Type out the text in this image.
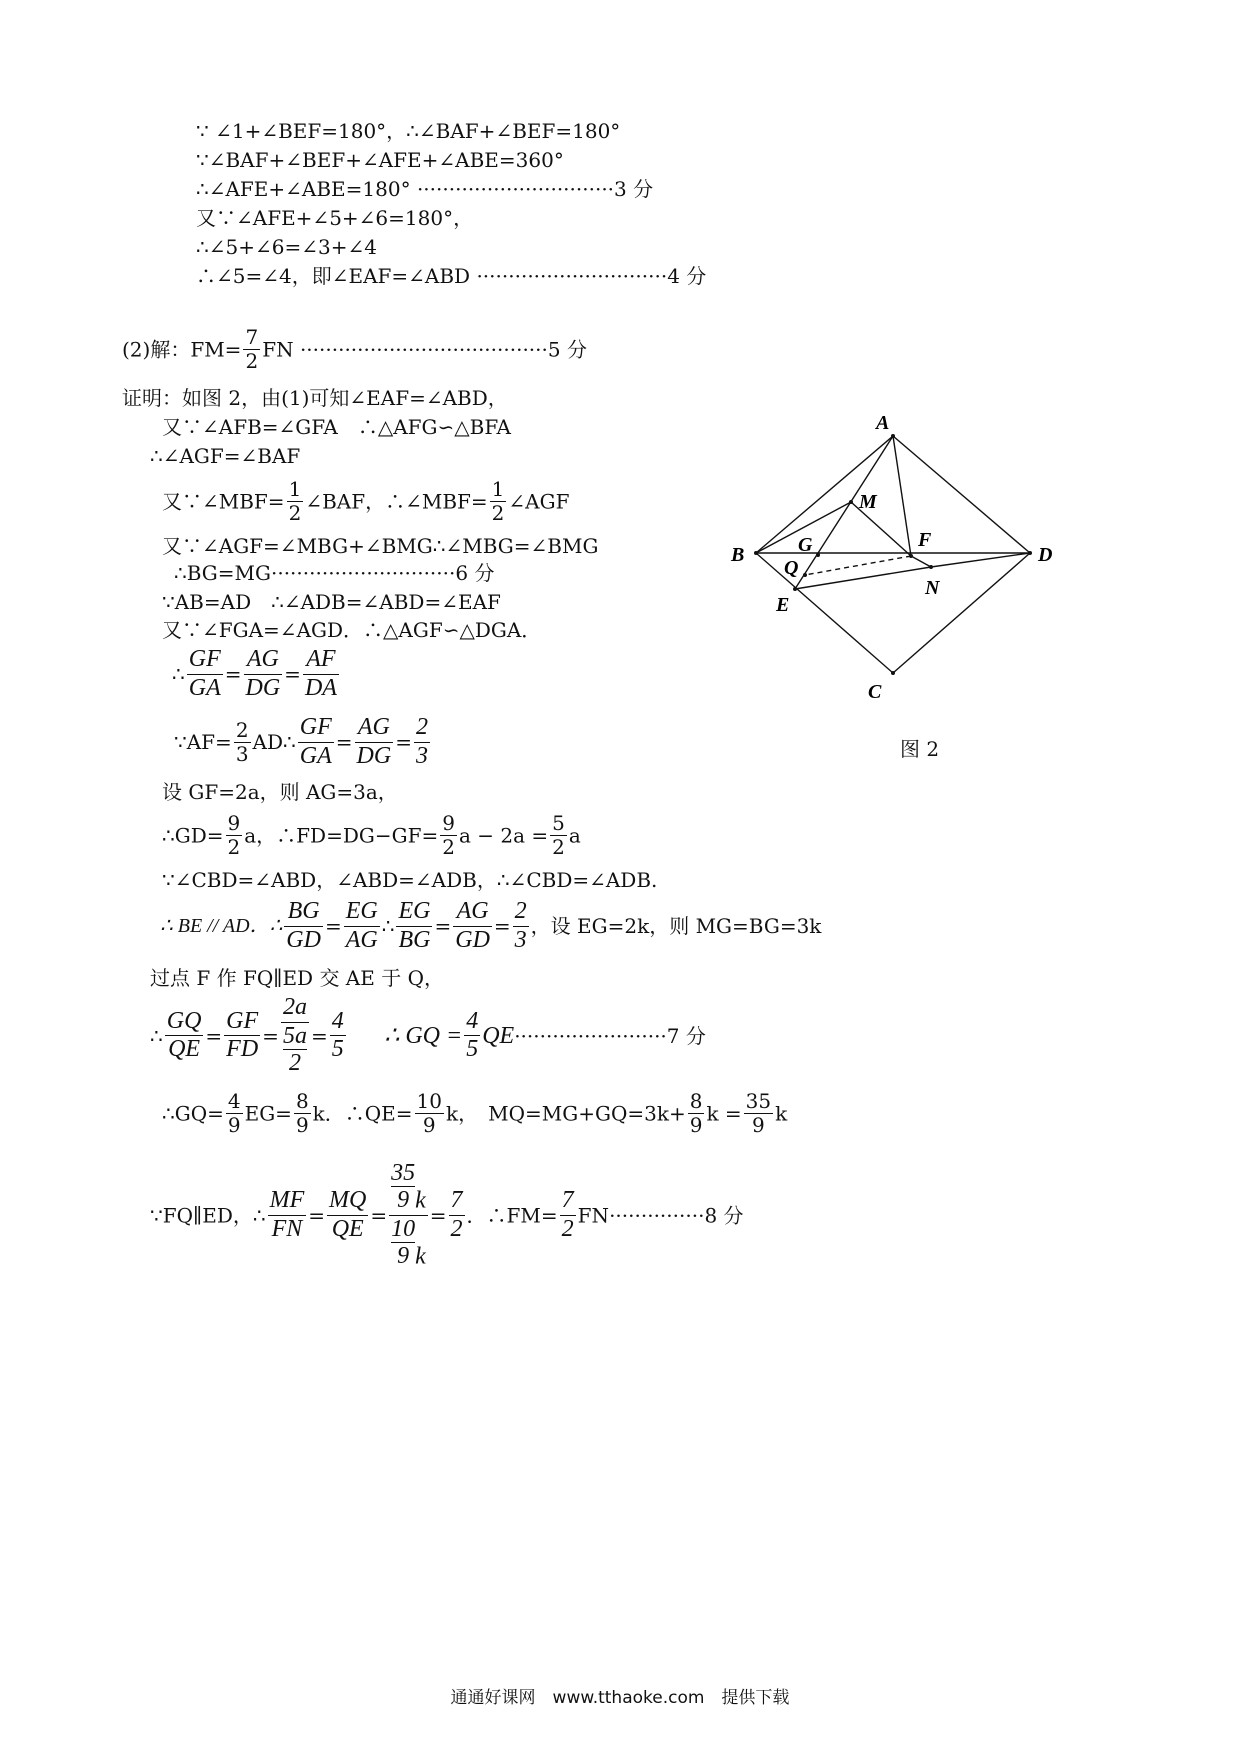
∵ ∠1+∠BEF=180°，∴∠BAF+∠BEF=180°
∵∠BAF+∠BEF+∠AFE+∠ABE=360°
∴∠AFE+∠ABE=180° ·······························3 分
又∵∠AFE+∠5+∠6=180°，
∴∠5+∠6=∠3+∠4
∴∠5=∠4，即∠EAF=∠ABD ······························4 分
(2)解：$FM= \frac{7}{2}$ FN ·······································5 分
证明：如图 2，由(1)可知∠EAF=∠ABD，
又∵∠AFB=∠GFA　∴△AFG∽△BFA
∴∠AGF=∠BAF
又∵∠MBF= $\frac{1}{2}$ ∠BAF，∴∠MBF= $\frac{1}{2}$ ∠AGF
又∵∠AGF=∠MBG+∠BMG∴∠MBG=∠BMG
∴BG=MG·····························6 分
∵AB=AD　∴∠ADB=∠ABD=∠EAF
又∵∠FGA=∠AGD．∴△AGF∽△DGA．
∴ $\frac{GF}{GA} = \frac{AG}{DG} = \frac{AF}{DA}$
∵AF= $\frac{2}{3}$ AD∴ $\frac{GF}{GA} = \frac{AG}{DG} = \frac{2}{3}$
设 GF=2a，则 AG=3a，
∴GD= $\frac{9}{2}$ a，∴FD=DG−GF= $\frac{9}{2}$ $a - 2a = \frac{5}{2}$ a
∵∠CBD=∠ABD，∠ABD=∠ADB，∴∠CBD=∠ADB.
∴ BE // AD．∴ $\frac{BG}{GD} = \frac{EG}{AG}$ ∴ $\frac{EG}{BG} = \frac{AG}{GD} = \frac{2}{3}$ ，设 EG=2k，则 MG=BG=3k
过点 F 作 FQ∥ED 交 AE 于 Q，
∴ $\frac{GQ}{QE} = \frac{GF}{FD} = \frac{2a}{\frac{5a}{2}} = \frac{4}{5}$ ∴ GQ = $\frac{4}{5} QE\cdot\cdot\cdot\cdot\cdot\cdot\cdot\cdot\cdot\cdot\cdot\cdot\cdot\cdot\cdot\cdot\cdot\cdot\cdot\cdot\cdot\cdot\cdot\cdot 7$ 分
∴GQ= $\frac{4}{9} EG= \frac{8}{9}$ k．∴QE= $\frac{10}{9}$ k，　$MQ=MG+GQ=3k+ \frac{8}{9}$ $k = \frac{35}{9}$ k
∵FQ∥ED，∴ $\frac{MF}{FN} = \frac{MQ}{QE} = \frac{\frac{35}{9} k}{\frac{10}{9} k} = \frac{7}{2}$ ．∴FM= $\frac{7}{2} FN\cdot\cdot\cdot\cdot\cdot\cdot\cdot\cdot\cdot\cdot\cdot\cdot\cdot\cdot\cdot 8$ 分
A
M
B	G	F
D
Q
N
E
C
图 2
通通好课网　www.tthaoke.com　提供下载
